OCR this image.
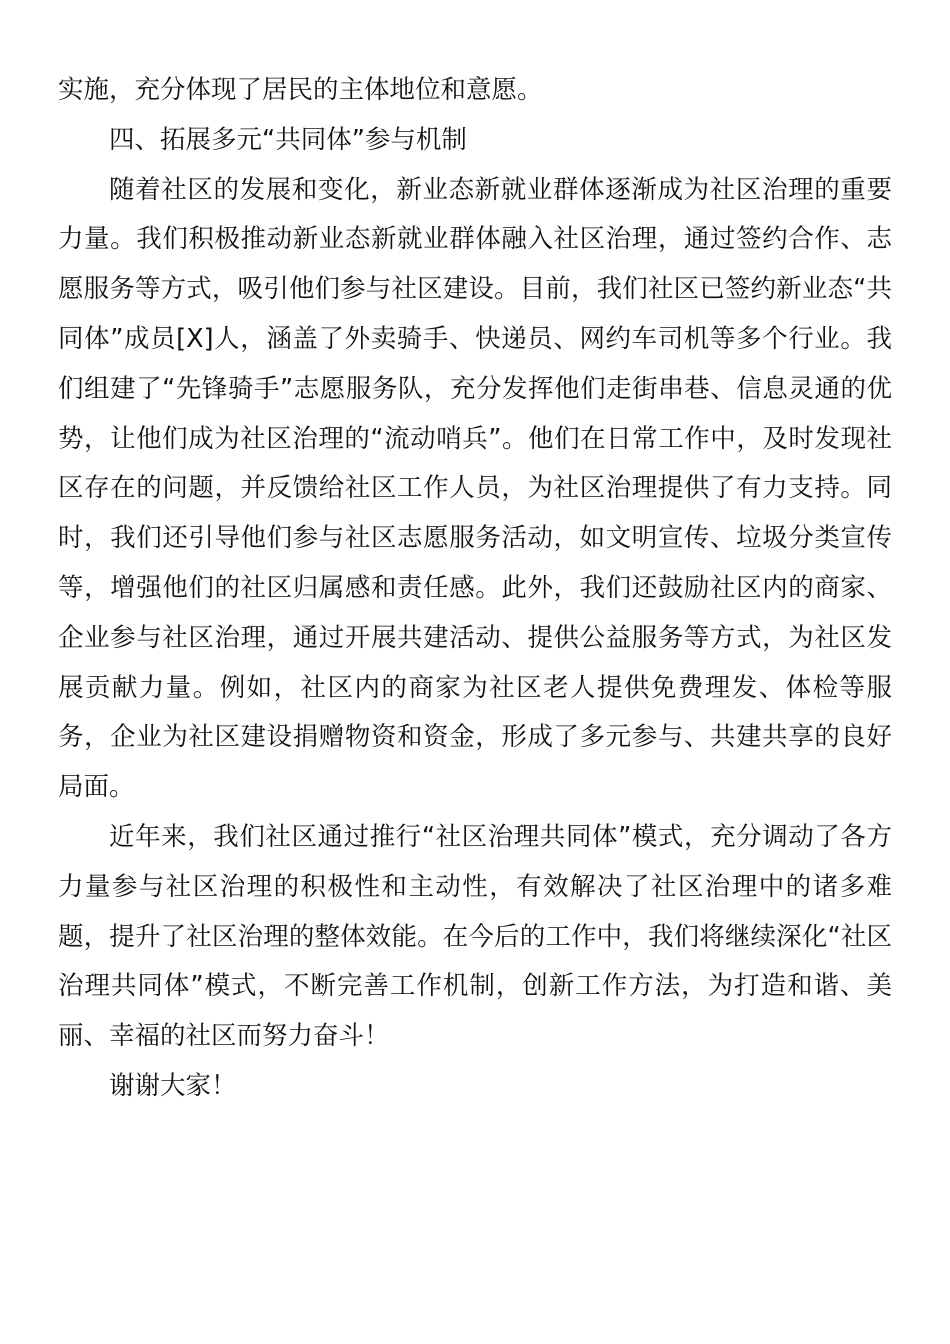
实施，充分体现了居民的主体地位和意愿。

四、拓展多元“共同体”参与机制

随着社区的发展和变化，新业态新就业群体逐渐成为社区治理的重要力量。我们积极推动新业态新就业群体融入社区治理，通过签约合作、志愿服务等方式，吸引他们参与社区建设。目前，我们社区已签约新业态“共同体”成员[X]人，涵盖了外卖骑手、快递员、网约车司机等多个行业。我们组建了“先锋骑手”志愿服务队，充分发挥他们走街串巷、信息灵通的优势，让他们成为社区治理的“流动哨兵”。他们在日常工作中，及时发现社区存在的问题，并反馈给社区工作人员，为社区治理提供了有力支持。同时，我们还引导他们参与社区志愿服务活动，如文明宣传、垃圾分类宣传等，增强他们的社区归属感和责任感。此外，我们还鼓励社区内的商家、企业参与社区治理，通过开展共建活动、提供公益服务等方式，为社区发展贡献力量。例如，社区内的商家为社区老人提供免费理发、体检等服务，企业为社区建设捐赠物资和资金，形成了多元参与、共建共享的良好局面。

近年来，我们社区通过推行“社区治理共同体”模式，充分调动了各方力量参与社区治理的积极性和主动性，有效解决了社区治理中的诸多难题，提升了社区治理的整体效能。在今后的工作中，我们将继续深化“社区治理共同体”模式，不断完善工作机制，创新工作方法，为打造和谐、美丽、幸福的社区而努力奋斗！

谢谢大家！
